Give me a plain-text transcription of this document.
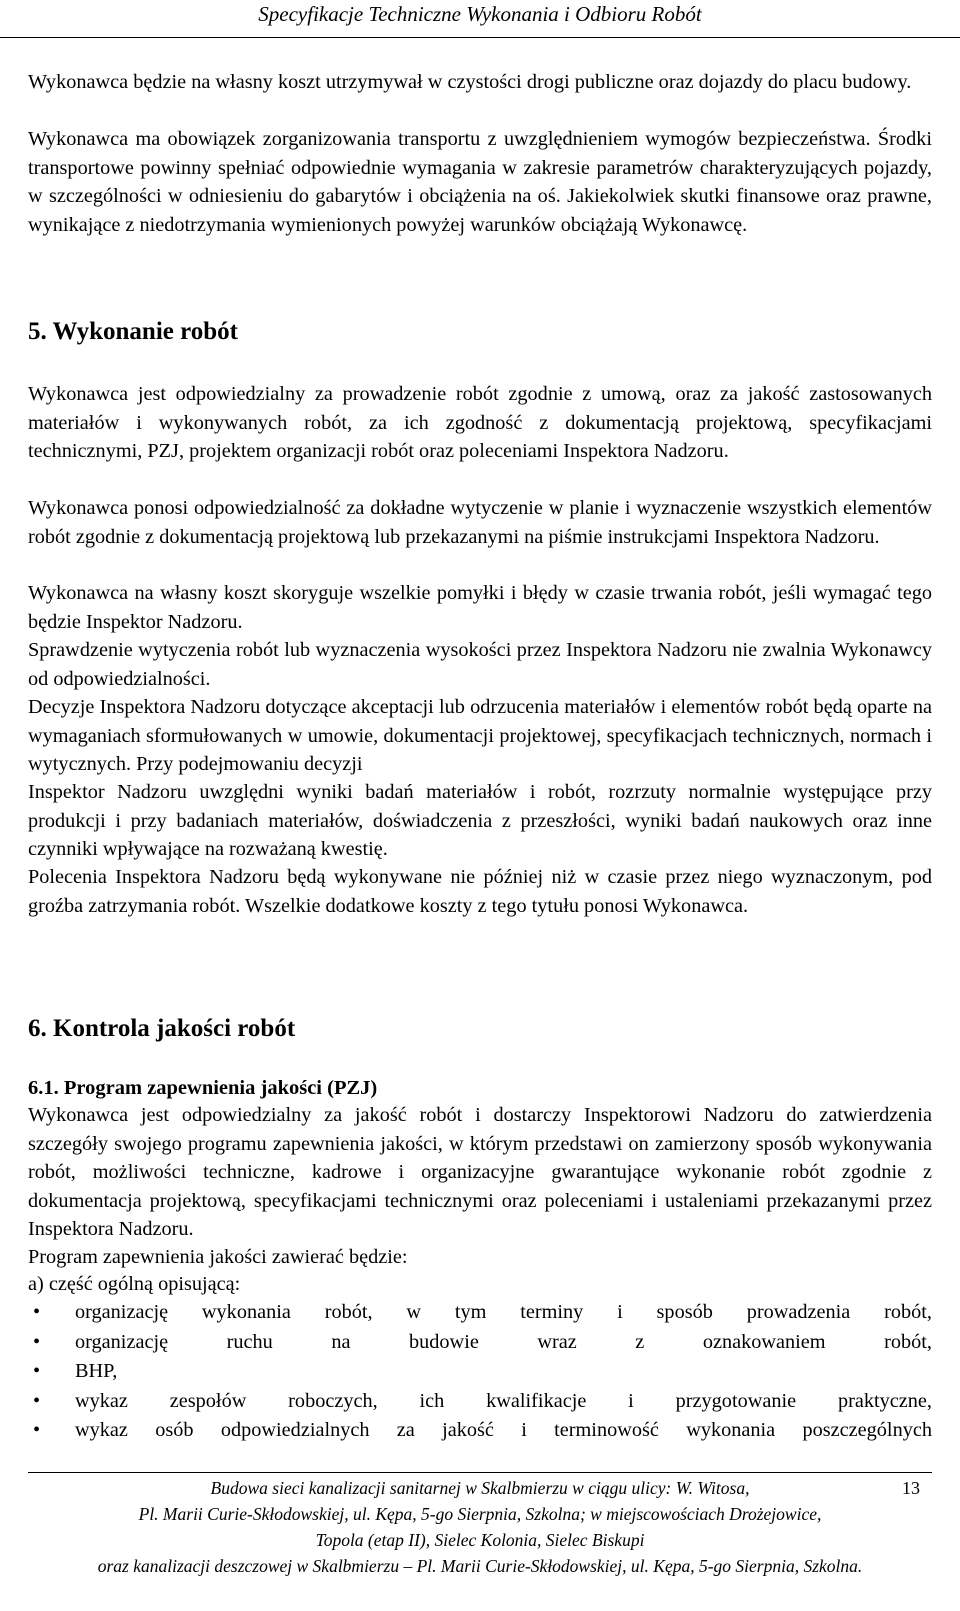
Specyfikacje Techniczne Wykonania i Odbioru Robót

Wykonawca będzie na własny koszt utrzymywał w czystości drogi publiczne oraz dojazdy do placu budowy.

Wykonawca ma obowiązek zorganizowania transportu z uwzględnieniem wymogów bezpieczeństwa. Środki transportowe powinny spełniać odpowiednie wymagania w zakresie parametrów charakteryzujących pojazdy, w szczególności w odniesieniu do gabarytów i obciążenia na oś. Jakiekolwiek skutki finansowe oraz prawne, wynikające z niedotrzymania wymienionych powyżej warunków obciążają Wykonawcę.

5. Wykonanie robót

Wykonawca jest odpowiedzialny za prowadzenie robót zgodnie z umową, oraz za jakość zastosowanych materiałów i wykonywanych robót, za ich zgodność z dokumentacją projektową, specyfikacjami technicznymi, PZJ, projektem organizacji robót oraz poleceniami Inspektora Nadzoru.

Wykonawca ponosi odpowiedzialność za dokładne wytyczenie w planie i wyznaczenie wszystkich elementów robót zgodnie z dokumentacją projektową lub przekazanymi na piśmie instrukcjami Inspektora Nadzoru.

Wykonawca na własny koszt skoryguje wszelkie pomyłki i błędy w czasie trwania robót, jeśli wymagać tego będzie Inspektor Nadzoru.

Sprawdzenie wytyczenia robót lub wyznaczenia wysokości przez Inspektora Nadzoru nie zwalnia Wykonawcy od odpowiedzialności.

Decyzje Inspektora Nadzoru dotyczące akceptacji lub odrzucenia materiałów i elementów robót będą oparte na wymaganiach sformułowanych w umowie, dokumentacji projektowej, specyfikacjach technicznych, normach i wytycznych. Przy podejmowaniu decyzji

Inspektor Nadzoru uwzględni wyniki badań materiałów i robót, rozrzuty normalnie występujące przy produkcji i przy badaniach materiałów, doświadczenia z przeszłości, wyniki badań naukowych oraz inne czynniki wpływające na rozważaną kwestię.

Polecenia Inspektora Nadzoru będą wykonywane nie później niż w czasie przez niego wyznaczonym, pod groźba zatrzymania robót. Wszelkie dodatkowe koszty z tego tytułu ponosi Wykonawca.

6. Kontrola jakości robót
6.1. Program zapewnienia jakości (PZJ)

Wykonawca jest odpowiedzialny za jakość robót i dostarczy Inspektorowi Nadzoru do zatwierdzenia szczegóły swojego programu zapewnienia jakości, w którym przedstawi on zamierzony sposób wykonywania robót, możliwości techniczne, kadrowe i organizacyjne gwarantujące wykonanie robót zgodnie z dokumentacja projektową, specyfikacjami technicznymi oraz poleceniami i ustaleniami przekazanymi przez Inspektora Nadzoru.

Program zapewnienia jakości zawierać będzie:

a) część ogólną opisującą:

• organizację wykonania robót, w tym terminy i sposób prowadzenia robót,
• organizację ruchu na budowie wraz z oznakowaniem robót,
• BHP,
• wykaz zespołów roboczych, ich kwalifikacje i przygotowanie praktyczne,
• wykaz osób odpowiedzialnych za jakość i terminowość wykonania poszczególnych
Budowa sieci kanalizacji sanitarnej w Skalbmierzu w ciągu ulicy: W. Witosa,
Pl. Marii Curie-Skłodowskiej, ul. Kępa, 5-go Sierpnia, Szkolna; w miejscowościach Drożejowice,
Topola (etap II), Sielec Kolonia, Sielec Biskupi
oraz kanalizacji deszczowej w Skalbmierzu – Pl. Marii Curie-Skłodowskiej, ul. Kępa, 5-go Sierpnia, Szkolna.
13
